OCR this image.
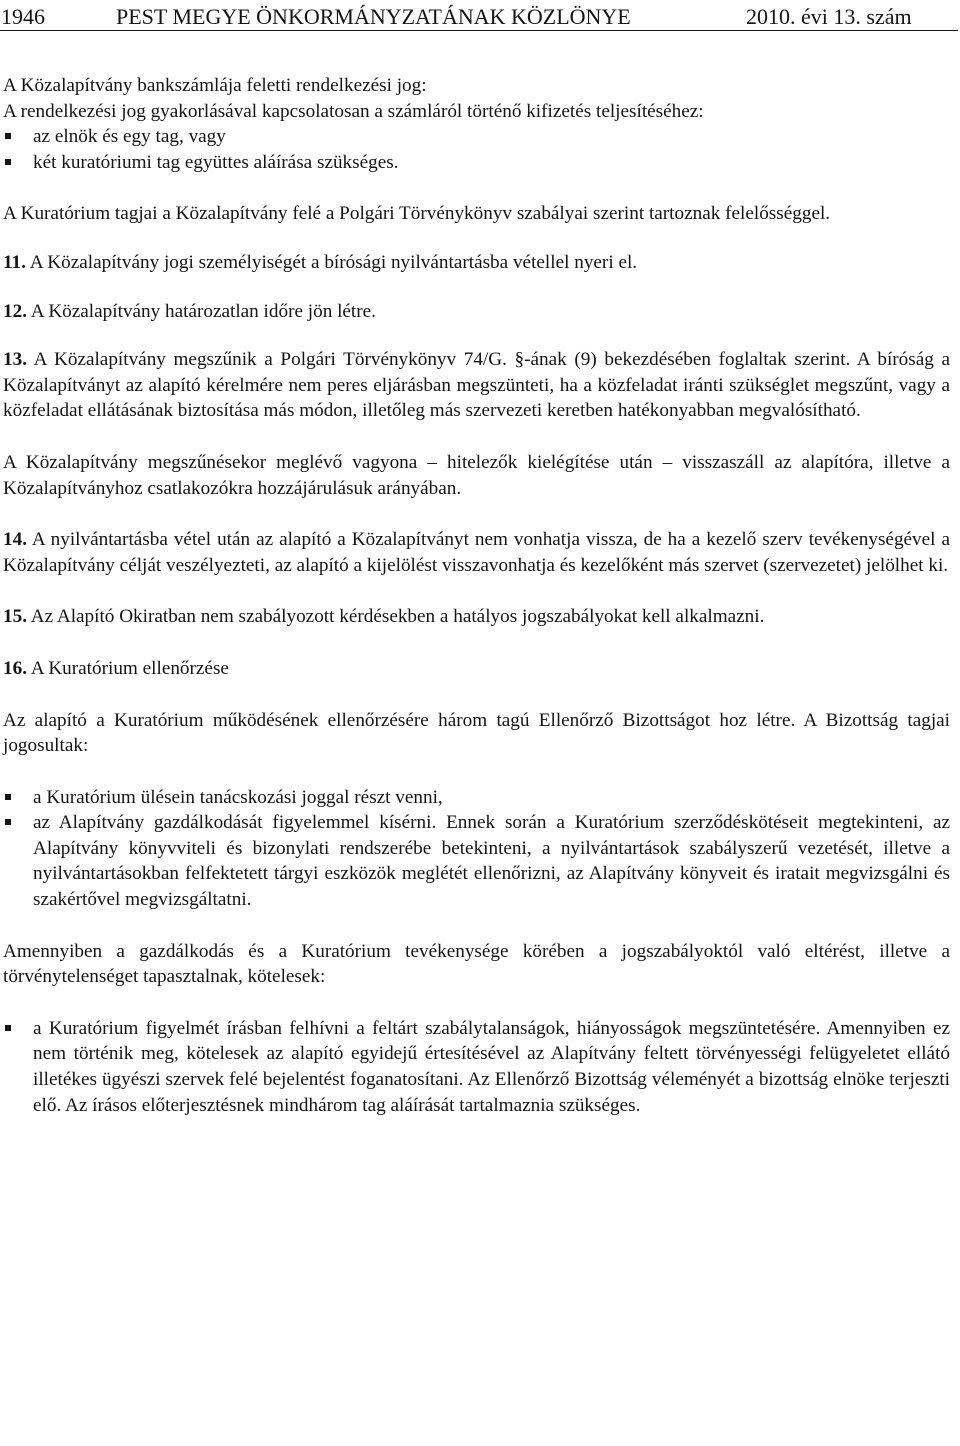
1946	PEST MEGYE ÖNKORMÁNYZATÁNAK KÖZLÖNYE	2010. évi 13. szám

A Közalapítvány bankszámlája feletti rendelkezési jog:

A rendelkezési jog gyakorlásával kapcsolatosan a számláról történő kifizetés teljesítéséhez:

az elnök és egy tag, vagy
két kuratóriumi tag együttes aláírása szükséges.

A Kuratórium tagjai a Közalapítvány felé a Polgári Törvénykönyv szabályai szerint tartoznak felelősséggel.

11. A Közalapítvány jogi személyiségét a bírósági nyilvántartásba vétellel nyeri el.

12. A Közalapítvány határozatlan időre jön létre.

13. A Közalapítvány megszűnik a Polgári Törvénykönyv 74/G. §-ának (9) bekezdésében foglaltak szerint. A bíróság a Közalapítványt az alapító kérelmére nem peres eljárásban megszünteti, ha a közfeladat iránti szükséglet megszűnt, vagy a közfeladat ellátásának biztosítása más módon, illetőleg más szervezeti keretben hatékonyabban megvalósítható.

A Közalapítvány megszűnésekor meglévő vagyona – hitelezők kielégítése után – visszaszáll az alapítóra, illetve a Közalapítványhoz csatlakozókra hozzájárulásuk arányában.

14. A nyilvántartásba vétel után az alapító a Közalapítványt nem vonhatja vissza, de ha a kezelő szerv tevékenységével a Közalapítvány célját veszélyezteti, az alapító a kijelölést visszavonhatja és kezelőként más szervet (szervezetet) jelölhet ki.

15. Az Alapító Okiratban nem szabályozott kérdésekben a hatályos jogszabályokat kell alkalmazni.

16. A Kuratórium ellenőrzése

Az alapító a Kuratórium működésének ellenőrzésére három tagú Ellenőrző Bizottságot hoz létre. A Bizottság tagjai jogosultak:

a Kuratórium ülésein tanácskozási joggal részt venni,
az Alapítvány gazdálkodását figyelemmel kísérni. Ennek során a Kuratórium szerződéskötéseit megtekinteni, az Alapítvány könyvviteli és bizonylati rendszerébe betekinteni, a nyilvántartások szabályszerű vezetését, illetve a nyilvántartásokban felfektetett tárgyi eszközök meglétét ellenőrizni, az Alapítvány könyveit és iratait megvizsgálni és szakértővel megvizsgáltatni.

Amennyiben a gazdálkodás és a Kuratórium tevékenysége körében a jogszabályoktól való eltérést, illetve a törvénytelenséget tapasztalnak, kötelesek:

a Kuratórium figyelmét írásban felhívni a feltárt szabálytalanságok, hiányosságok megszüntetésére. Amennyiben ez nem történik meg, kötelesek az alapító egyidejű értesítésével az Alapítvány feltett törvényességi felügyeletet ellátó illetékes ügyészi szervek felé bejelentést foganatosítani. Az Ellenőrző Bizottság véleményét a bizottság elnöke terjeszti elő. Az írásos előterjesztésnek mindhárom tag aláírását tartalmaznia szükséges.
